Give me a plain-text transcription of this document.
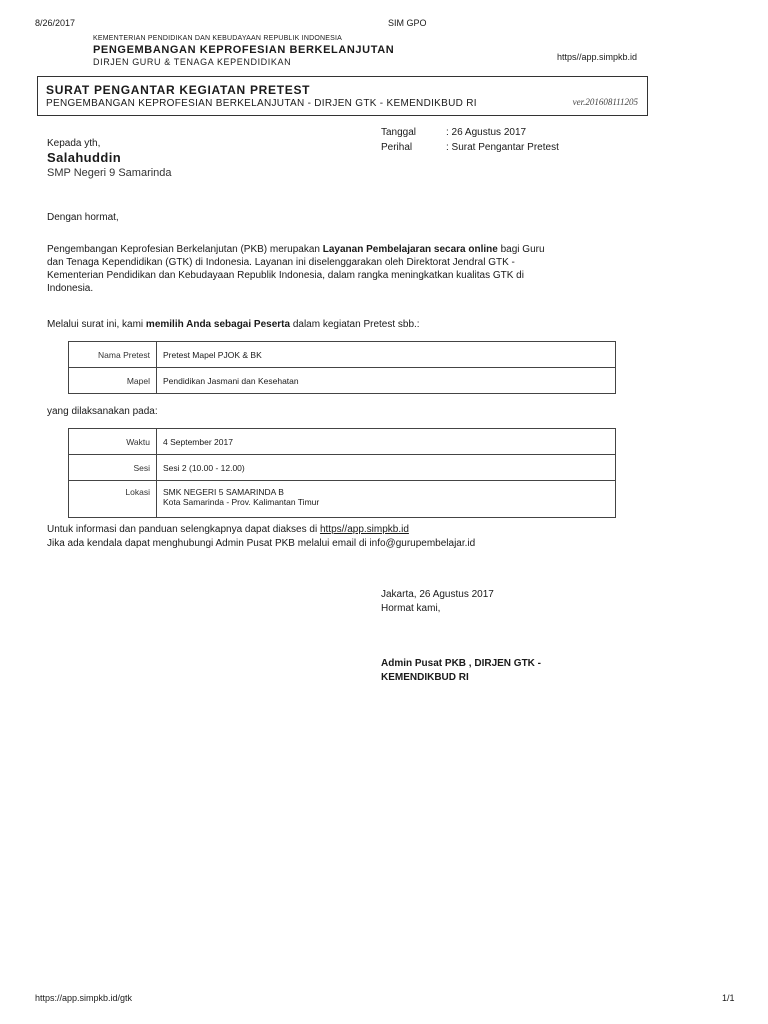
8/26/2017	SIM GPO
KEMENTERIAN PENDIDIKAN DAN KEBUDAYAAN REPUBLIK INDONESIA
PENGEMBANGAN KEPROFESIAN BERKELANJUTAN
DIRJEN GURU & TENAGA KEPENDIDIKAN	https//app.simpkb.id
SURAT PENGANTAR KEGIATAN PRETEST
PENGEMBANGAN KEPROFESIAN BERKELANJUTAN - DIRJEN GTK - KEMENDIKBUD RI	ver.201608111205
Tanggal	: 26 Agustus 2017
Perihal	: Surat Pengantar Pretest
Kepada yth,
Salahuddin
SMP Negeri 9 Samarinda
Dengan hormat,
Pengembangan Keprofesian Berkelanjutan (PKB) merupakan Layanan Pembelajaran secara online bagi Guru
dan Tenaga Kependidikan (GTK) di Indonesia. Layanan ini diselenggarakan oleh Direktorat Jendral GTK -
Kementerian Pendidikan dan Kebudayaan Republik Indonesia, dalam rangka meningkatkan kualitas GTK di
Indonesia.
Melalui surat ini, kami memilih Anda sebagai Peserta dalam kegiatan Pretest sbb.:
Nama Pretest	Pretest Mapel PJOK & BK
Mapel	Pendidikan Jasmani dan Kesehatan
yang dilaksanakan pada:
Waktu	4 September 2017
Sesi	Sesi 2 (10.00 - 12.00)
Lokasi	SMK NEGERI 5 SAMARINDA B
Kota Samarinda - Prov. Kalimantan Timur
Untuk informasi dan panduan selengkapnya dapat diakses di https//app.simpkb.id
Jika ada kendala dapat menghubungi Admin Pusat PKB melalui email di info@gurupembelajar.id
Jakarta, 26 Agustus 2017
Hormat kami,
Admin Pusat PKB , DIRJEN GTK -
KEMENDIKBUD RI
https://app.simpkb.id/gtk	1/1
